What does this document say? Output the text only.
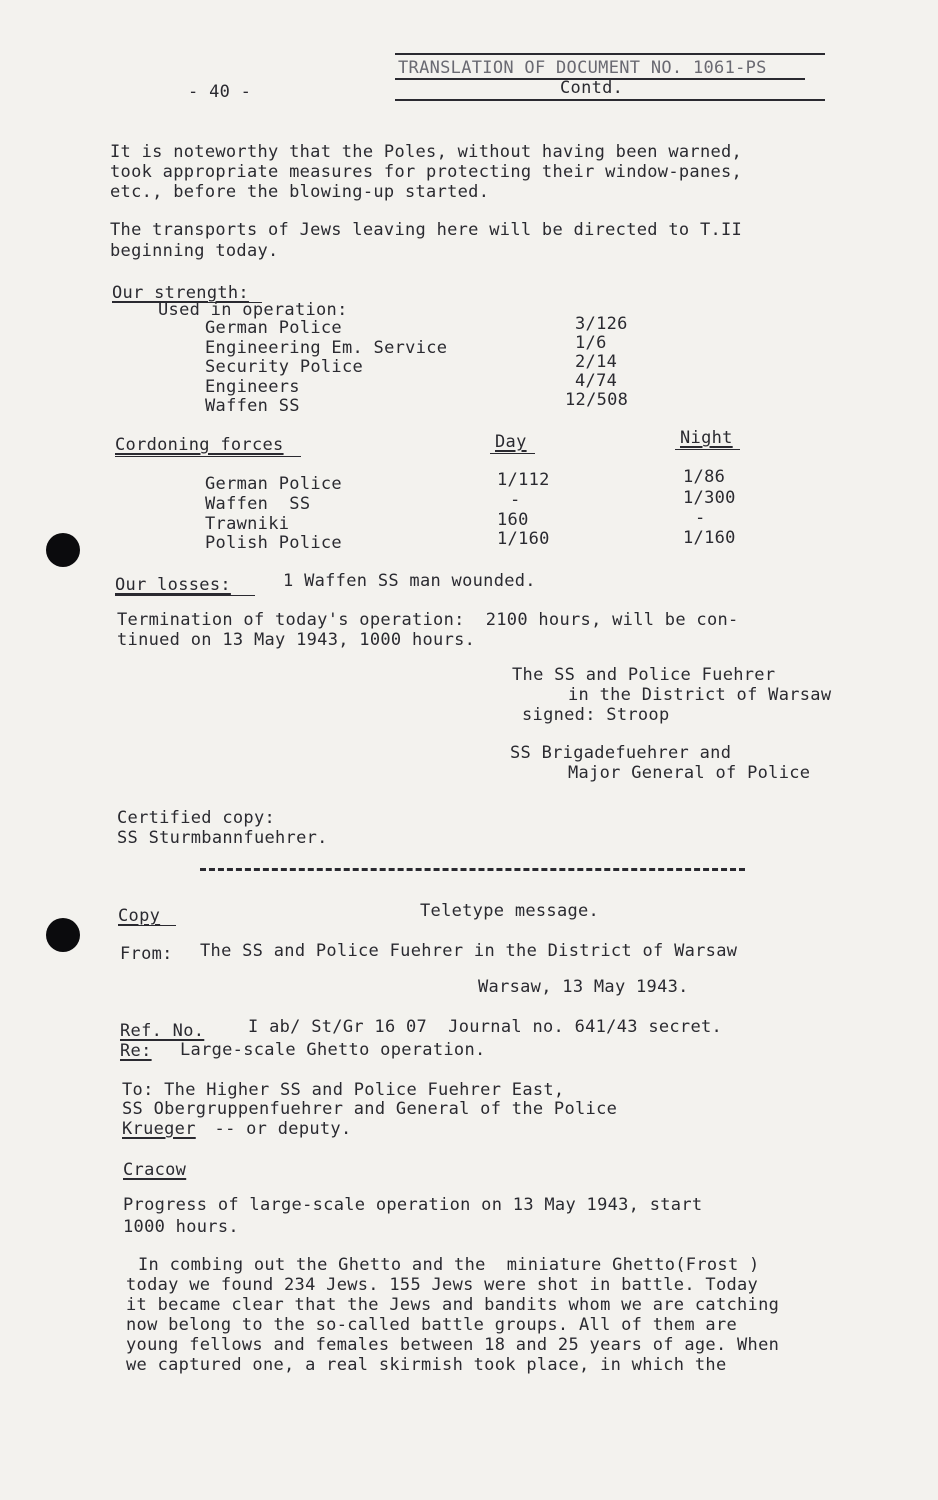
- 40 -
TRANSLATION OF DOCUMENT NO. 1061-PS
Contd.
It is noteworthy that the Poles, without having been warned,
took appropriate measures for protecting their window-panes,
etc., before the blowing-up started.
The transports of Jews leaving here will be directed to T.II
beginning today.
Our strength:
Used in operation:
German Police	3/126
Engineering Em. Service	1/6
Security Police	2/14
Engineers	4/74
Waffen SS	12/508
Cordoning forces	Day	Night
German Police	1/112	1/86
Waffen  SS	-	1/300
Trawniki	160	-
Polish Police	1/160	1/160
Our losses:	1 Waffen SS man wounded.
Termination of today's operation:  2100 hours, will be con-
tinued on 13 May 1943, 1000 hours.
The SS and Police Fuehrer
in the District of Warsaw
signed: Stroop
SS Brigadefuehrer and
Major General of Police
Certified copy:
SS Sturmbannfuehrer.
Copy	Teletype message.
From: The SS and Police Fuehrer in the District of Warsaw
Warsaw, 13 May 1943.
Ref. No.	I ab/ St/Gr 16 07  Journal no. 641/43 secret.
Re: Large-scale Ghetto operation.
To: The Higher SS and Police Fuehrer East,
SS Obergruppenfuehrer and General of the Police
Krueger -- or deputy.
Cracow
Progress of large-scale operation on 13 May 1943, start
1000 hours.
In combing out the Ghetto and the  miniature Ghetto(Frost )
today we found 234 Jews. 155 Jews were shot in battle. Today
it became clear that the Jews and bandits whom we are catching
now belong to the so-called battle groups. All of them are
young fellows and females between 18 and 25 years of age. When
we captured one, a real skirmish took place, in which the
